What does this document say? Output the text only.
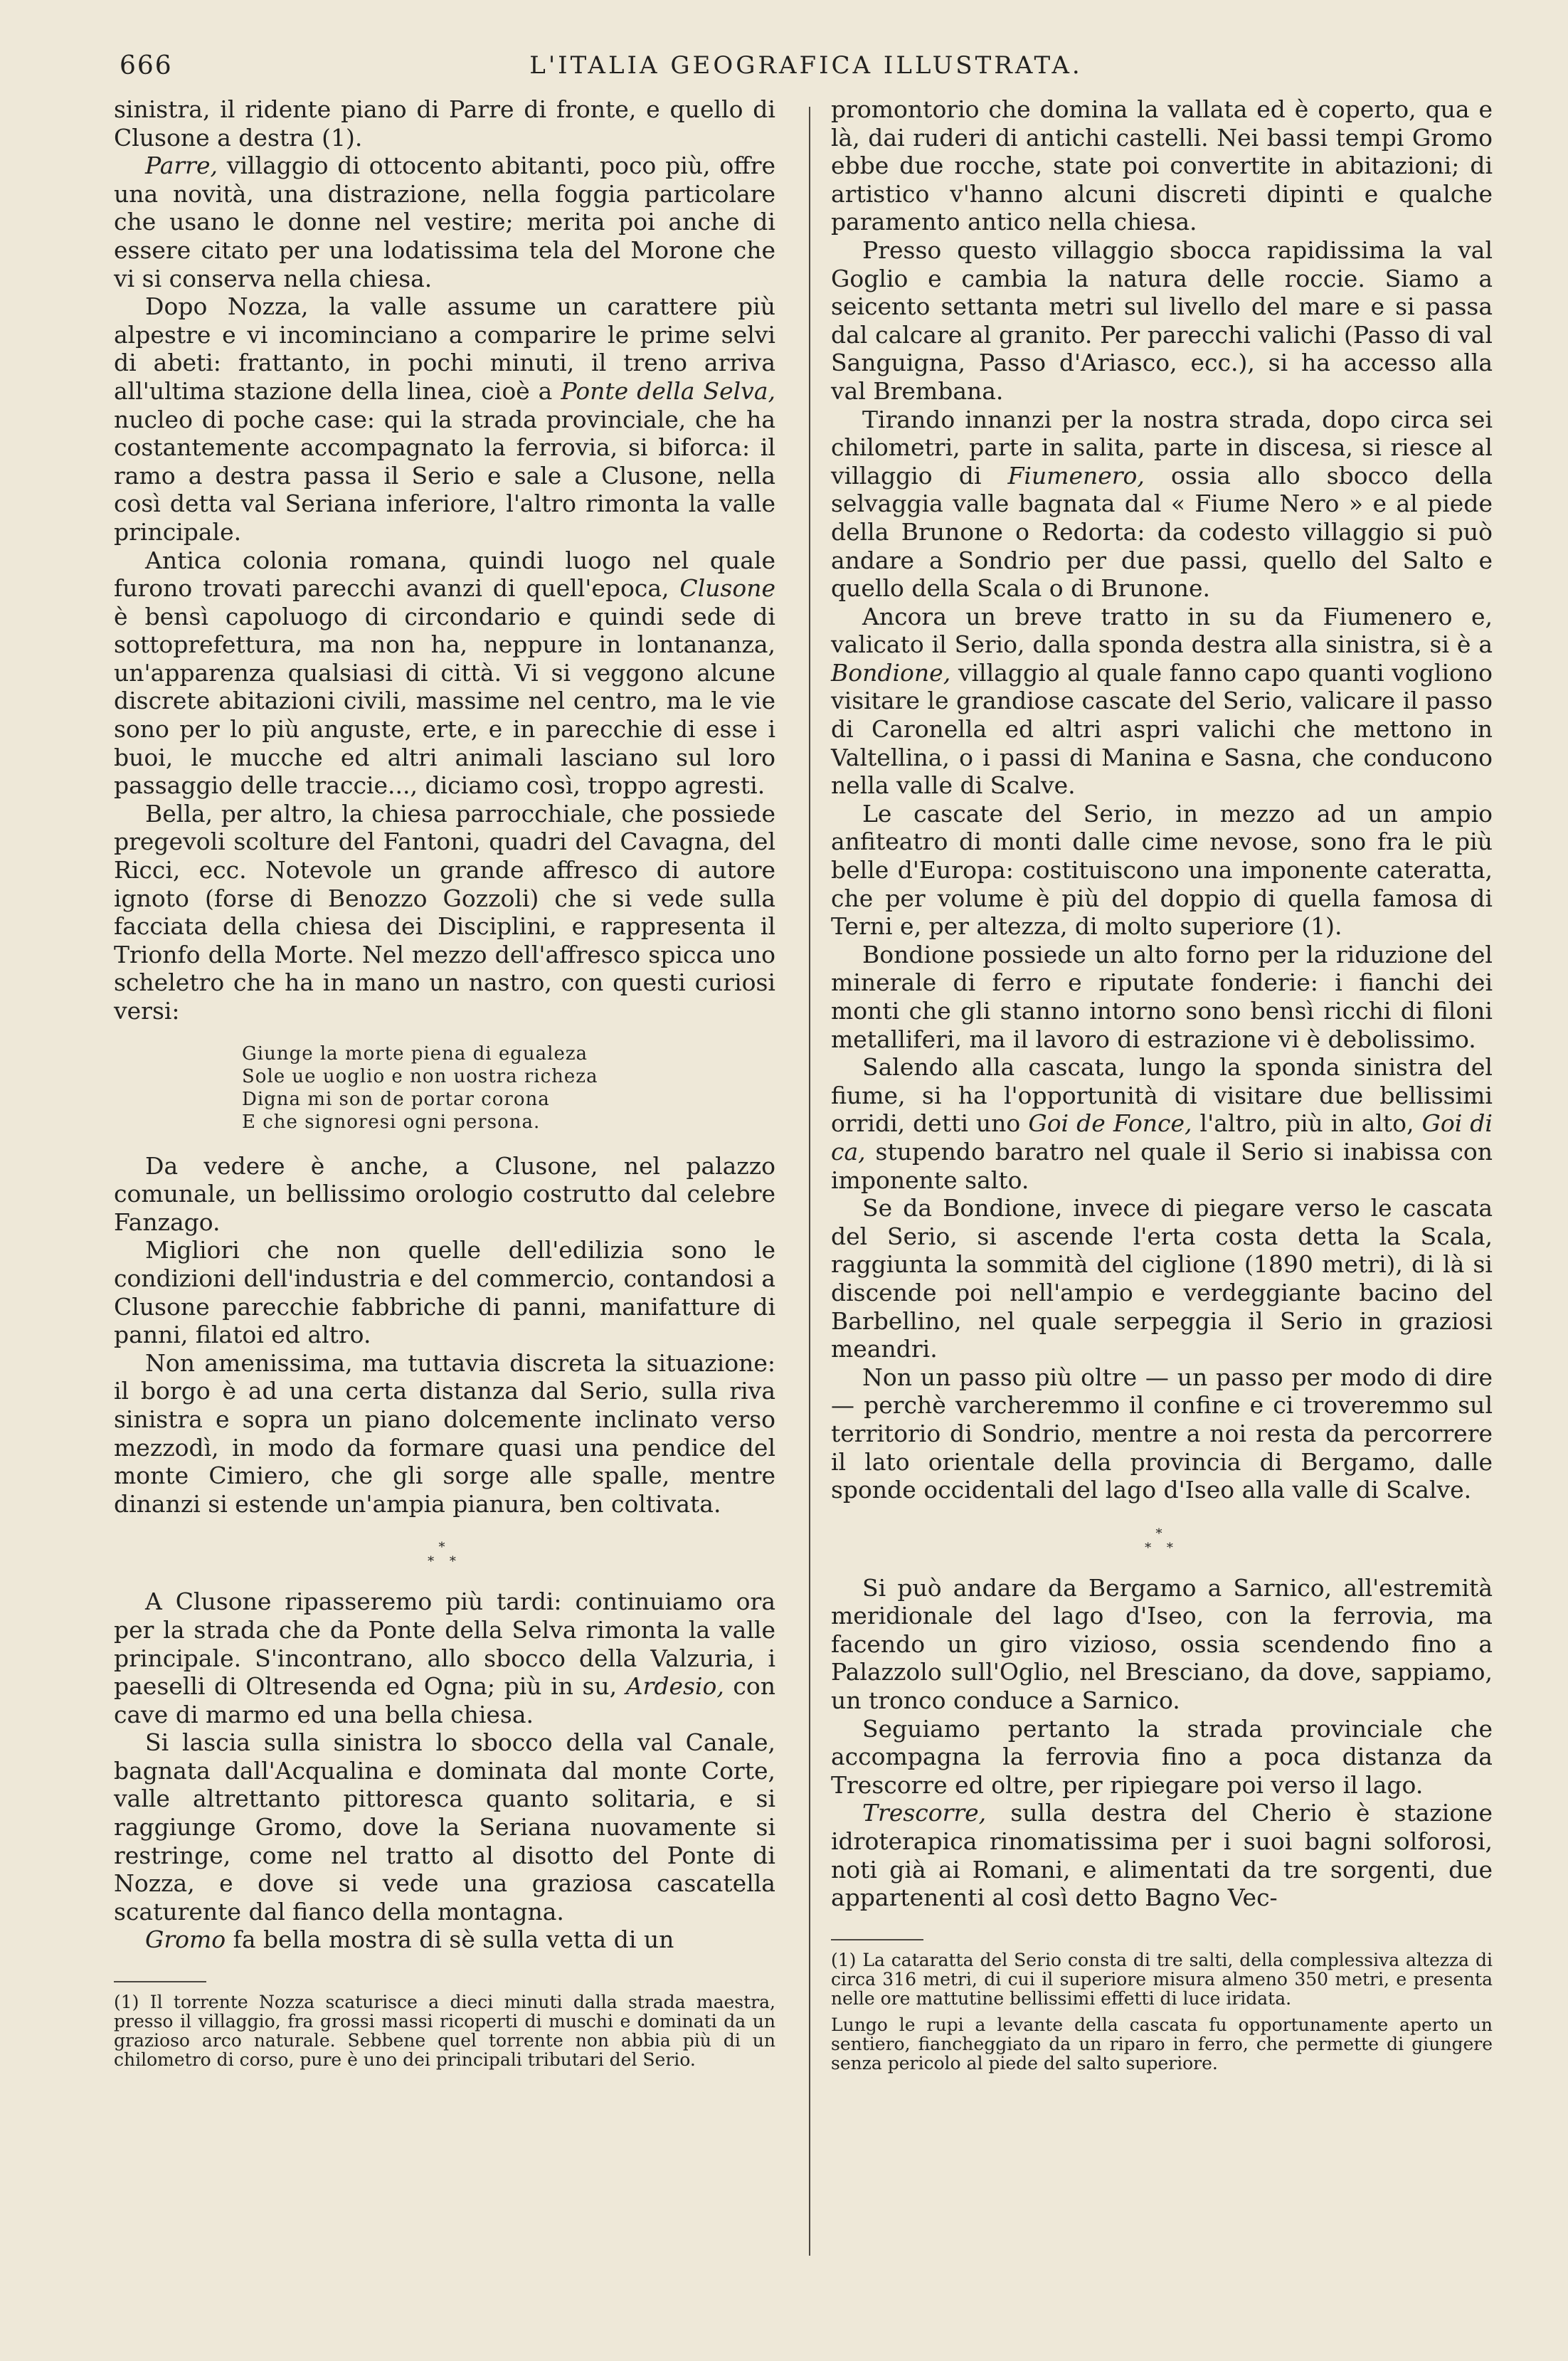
666	L'ITALIA GEOGRAFICA ILLUSTRATA.

sinistra, il ridente piano di Parre di fronte, e quello di Clusone a destra (1).

Parre, villaggio di ottocento abitanti, poco più, offre una novità, una distrazione, nella foggia particolare che usano le donne nel vestire; merita poi anche di essere citato per una lodatissima tela del Morone che vi si conserva nella chiesa.

Dopo Nozza, la valle assume un carattere più alpestre e vi incominciano a comparire le prime selvi di abeti: frattanto, in pochi minuti, il treno arriva all'ultima stazione della linea, cioè a Ponte della Selva, nucleo di poche case: qui la strada provinciale, che ha costantemente accompagnato la ferrovia, si biforca: il ramo a destra passa il Serio e sale a Clusone, nella così detta val Seriana inferiore, l'altro rimonta la valle principale.

Antica colonia romana, quindi luogo nel quale furono trovati parecchi avanzi di quell'epoca, Clusone è bensì capoluogo di circondario e quindi sede di sottoprefettura, ma non ha, neppure in lontananza, un'apparenza qualsiasi di città. Vi si veggono alcune discrete abitazioni civili, massime nel centro, ma le vie sono per lo più anguste, erte, e in parecchie di esse i buoi, le mucche ed altri animali lasciano sul loro passaggio delle traccie..., diciamo così, troppo agresti.

Bella, per altro, la chiesa parrocchiale, che possiede pregevoli scolture del Fantoni, quadri del Cavagna, del Ricci, ecc. Notevole un grande affresco di autore ignoto (forse di Benozzo Gozzoli) che si vede sulla facciata della chiesa dei Disciplini, e rappresenta il Trionfo della Morte. Nel mezzo dell'affresco spicca uno scheletro che ha in mano un nastro, con questi curiosi versi:

Giunge la morte piena di egualeza
Sole ue uoglio e non uostra richeza
Digna mi son de portar corona
E che signoresi ogni persona.

Da vedere è anche, a Clusone, nel palazzo comunale, un bellissimo orologio costrutto dal celebre Fanzago.

Migliori che non quelle dell'edilizia sono le condizioni dell'industria e del commercio, contandosi a Clusone parecchie fabbriche di panni, manifatture di panni, filatoi ed altro.

Non amenissima, ma tuttavia discreta la situazione: il borgo è ad una certa distanza dal Serio, sulla riva sinistra e sopra un piano dolcemente inclinato verso mezzodì, in modo da formare quasi una pendice del monte Cimiero, che gli sorge alle spalle, mentre dinanzi si estende un'ampia pianura, ben coltivata.

*
* *

A Clusone ripasseremo più tardi: continuiamo ora per la strada che da Ponte della Selva rimonta la valle principale. S'incontrano, allo sbocco della Valzuria, i paeselli di Oltresenda ed Ogna; più in su, Ardesio, con cave di marmo ed una bella chiesa.

Si lascia sulla sinistra lo sbocco della val Canale, bagnata dall'Acqualina e dominata dal monte Corte, valle altrettanto pittoresca quanto solitaria, e si raggiunge Gromo, dove la Seriana nuovamente si restringe, come nel tratto al disotto del Ponte di Nozza, e dove si vede una graziosa cascatella scaturente dal fianco della montagna.

Gromo fa bella mostra di sè sulla vetta di un

(1) Il torrente Nozza scaturisce a dieci minuti dalla strada maestra, presso il villaggio, fra grossi massi ricoperti di muschi e dominati da un grazioso arco naturale. Sebbene quel torrente non abbia più di un chilometro di corso, pure è uno dei principali tributari del Serio.

promontorio che domina la vallata ed è coperto, qua e là, dai ruderi di antichi castelli. Nei bassi tempi Gromo ebbe due rocche, state poi convertite in abitazioni; di artistico v'hanno alcuni discreti dipinti e qualche paramento antico nella chiesa.

Presso questo villaggio sbocca rapidissima la val Goglio e cambia la natura delle roccie. Siamo a seicento settanta metri sul livello del mare e si passa dal calcare al granito. Per parecchi valichi (Passo di val Sanguigna, Passo d'Ariasco, ecc.), si ha accesso alla val Brembana.

Tirando innanzi per la nostra strada, dopo circa sei chilometri, parte in salita, parte in discesa, si riesce al villaggio di Fiumenero, ossia allo sbocco della selvaggia valle bagnata dal « Fiume Nero » e al piede della Brunone o Redorta: da codesto villaggio si può andare a Sondrio per due passi, quello del Salto e quello della Scala o di Brunone.

Ancora un breve tratto in su da Fiumenero e, valicato il Serio, dalla sponda destra alla sinistra, si è a Bondione, villaggio al quale fanno capo quanti vogliono visitare le grandiose cascate del Serio, valicare il passo di Caronella ed altri aspri valichi che mettono in Valtellina, o i passi di Manina e Sasna, che conducono nella valle di Scalve.

Le cascate del Serio, in mezzo ad un ampio anfiteatro di monti dalle cime nevose, sono fra le più belle d'Europa: costituiscono una imponente cateratta, che per volume è più del doppio di quella famosa di Terni e, per altezza, di molto superiore (1).

Bondione possiede un alto forno per la riduzione del minerale di ferro e riputate fonderie: i fianchi dei monti che gli stanno intorno sono bensì ricchi di filoni metalliferi, ma il lavoro di estrazione vi è debolissimo.

Salendo alla cascata, lungo la sponda sinistra del fiume, si ha l'opportunità di visitare due bellissimi orridi, detti uno Goi de Fonce, l'altro, più in alto, Goi di ca, stupendo baratro nel quale il Serio si inabissa con imponente salto.

Se da Bondione, invece di piegare verso le cascata del Serio, si ascende l'erta costa detta la Scala, raggiunta la sommità del ciglione (1890 metri), di là si discende poi nell'ampio e verdeggiante bacino del Barbellino, nel quale serpeggia il Serio in graziosi meandri.

Non un passo più oltre — un passo per modo di dire — perchè varcheremmo il confine e ci troveremmo sul territorio di Sondrio, mentre a noi resta da percorrere il lato orientale della provincia di Bergamo, dalle sponde occidentali del lago d'Iseo alla valle di Scalve.

*
* *

Si può andare da Bergamo a Sarnico, all'estremità meridionale del lago d'Iseo, con la ferrovia, ma facendo un giro vizioso, ossia scendendo fino a Palazzolo sull'Oglio, nel Bresciano, da dove, sappiamo, un tronco conduce a Sarnico.

Seguiamo pertanto la strada provinciale che accompagna la ferrovia fino a poca distanza da Trescorre ed oltre, per ripiegare poi verso il lago.

Trescorre, sulla destra del Cherio è stazione idroterapica rinomatissima per i suoi bagni solforosi, noti già ai Romani, e alimentati da tre sorgenti, due appartenenti al così detto Bagno Vec-

(1) La cataratta del Serio consta di tre salti, della complessiva altezza di circa 316 metri, di cui il superiore misura almeno 350 metri, e presenta nelle ore mattutine bellissimi effetti di luce iridata.

Lungo le rupi a levante della cascata fu opportunamente aperto un sentiero, fiancheggiato da un riparo in ferro, che permette di giungere senza pericolo al piede del salto superiore.
